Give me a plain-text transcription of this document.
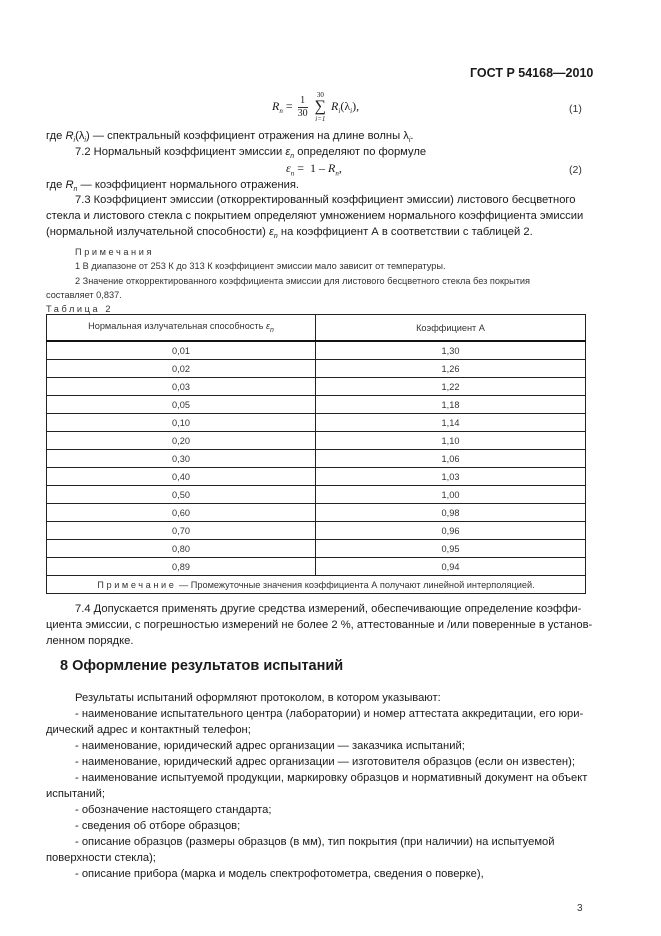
ГОСТ Р 54168—2010
$R_n = \frac{1}{30}$
	30
∑
i=1
$R_i(\lambda_i)$,	(1)
где $R_i(\lambda_i)$ — спектральный коэффициент отражения на длине волны $\lambda_i$.
7.2 Нормальный коэффициент эмиссии $\varepsilon_n$ определяют по формуле
$\varepsilon_n = 1 - R_n$,	(2)
где $R_n$ — коэффициент нормального отражения.
7.3 Коэффициент эмиссии (откорректированный коэффициент эмиссии) листового бесцветного
стекла и листового стекла с покрытием определяют умножением нормального коэффициента эмиссии
(нормальной излучательной способности) $\varepsilon_n$ на коэффициент А в соответствии с таблицей 2.
Примечания
1 В диапазоне от 253 К до 313 К коэффициент эмиссии мало зависит от температуры.
2 Значение откорректированного коэффициента эмиссии для листового бесцветного стекла без покрытия
составляет 0,837.
Таблица 2
Нормальная излучательная способность $\varepsilon_n$	Коэффициент А
0,01	1,30
0,02	1,26
0,03	1,22
0,05	1,18
0,10	1,14
0,20	1,10
0,30	1,06
0,40	1,03
0,50	1,00
0,60	0,98
0,70	0,96
0,80	0,95
0,89	0,94
Примечание — Промежуточные значения коэффициента А получают линейной интерполяцией.	
7.4 Допускается применять другие средства измерений, обеспечивающие определение коэффи-
циента эмиссии, с погрешностью измерений не более 2 %, аттестованные и /или поверенные в установ-
ленном порядке.
8 Оформление результатов испытаний
Результаты испытаний оформляют протоколом, в котором указывают:
- наименование испытательного центра (лаборатории) и номер аттестата аккредитации, его юри-
дический адрес и контактный телефон;
- наименование, юридический адрес организации — заказчика испытаний;
- наименование, юридический адрес организации — изготовителя образцов (если он известен);
- наименование испытуемой продукции, маркировку образцов и нормативный документ на объект
испытаний;
- обозначение настоящего стандарта;
- сведения об отборе образцов;
- описание образцов (размеры образцов (в мм), тип покрытия (при наличии) на испытуемой
поверхности стекла);
- описание прибора (марка и модель спектрофотометра, сведения о поверке),
3
